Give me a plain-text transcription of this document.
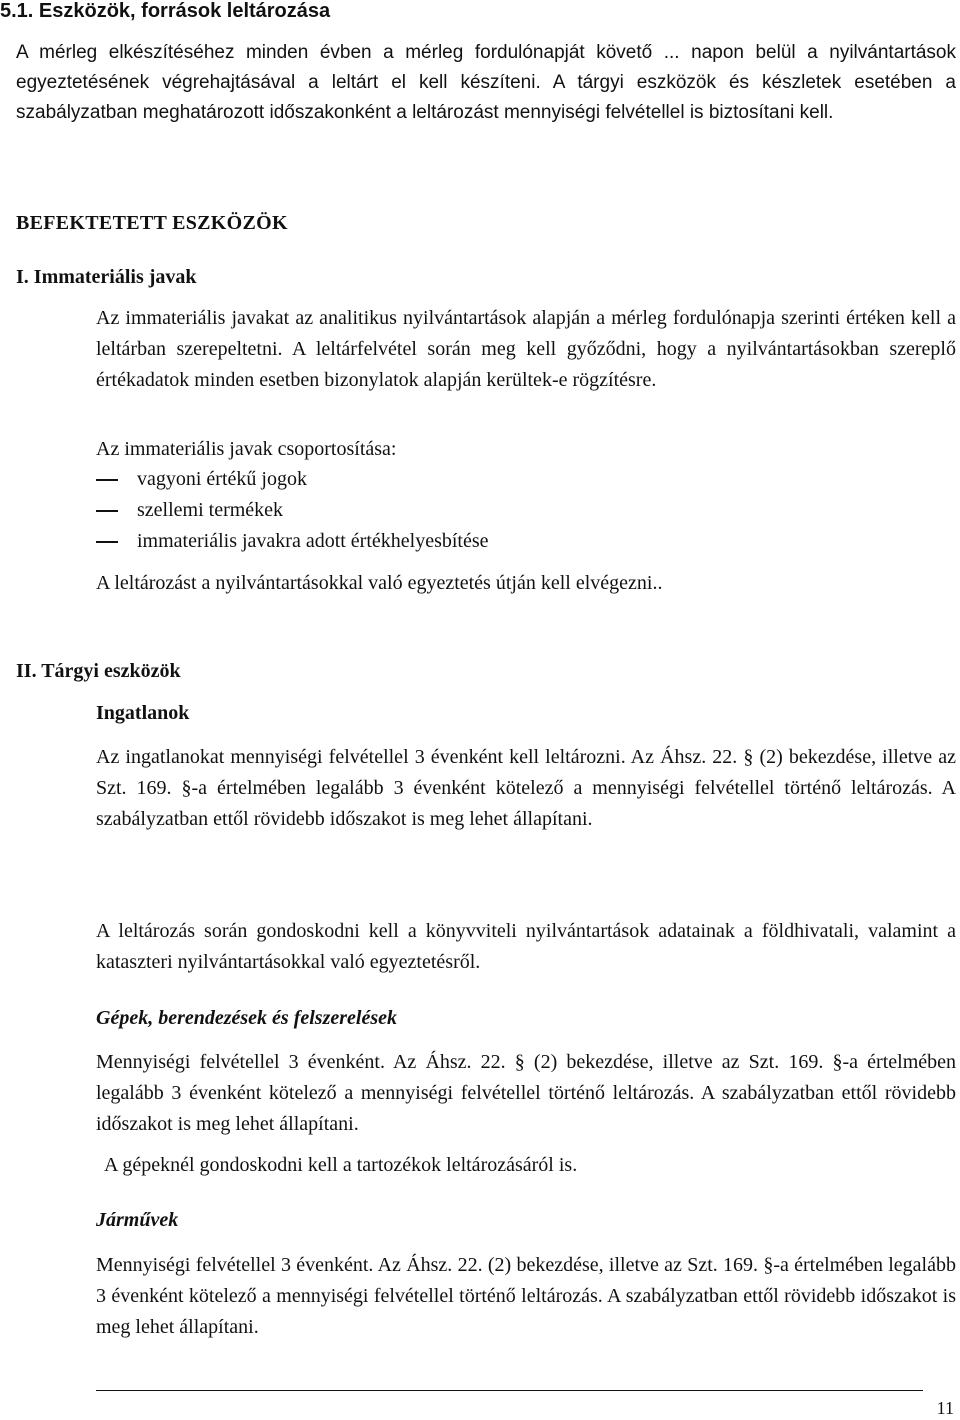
5.1. Eszközök, források leltározása
A mérleg elkészítéséhez minden évben a mérleg fordulónapját követő ... napon belül a nyilvántartások egyeztetésének végrehajtásával a leltárt el kell készíteni. A tárgyi eszközök és készletek esetében a szabályzatban meghatározott időszakonként a leltározást mennyiségi felvétellel is biztosítani kell.
BEFEKTETETT ESZKÖZÖK
I. Immateriális javak
Az immateriális javakat az analitikus nyilvántartások alapján a mérleg fordulónapja szerinti értéken kell a leltárban szerepeltetni. A leltárfelvétel során meg kell győződni, hogy a nyilvántartásokban szereplő értékadatok minden esetben bizonylatok alapján kerültek-e rögzítésre.
Az immateriális javak csoportosítása:
vagyoni értékű jogok
szellemi termékek
immateriális javakra adott értékhelyesbítése
A leltározást a nyilvántartásokkal való egyeztetés útján kell elvégezni..
II. Tárgyi eszközök
Ingatlanok
Az ingatlanokat mennyiségi felvétellel 3 évenként kell leltározni. Az Áhsz. 22. § (2) bekezdése, illetve az Szt. 169. §-a értelmében legalább 3 évenként kötelező a mennyiségi felvétellel történő leltározás. A szabályzatban ettől rövidebb időszakot is meg lehet állapítani.
A leltározás során gondoskodni kell a könyvviteli nyilvántartások adatainak a földhivatali, valamint a kataszteri nyilvántartásokkal való egyeztetésről.
Gépek, berendezések és felszerelések
Mennyiségi felvétellel 3 évenként. Az Áhsz. 22. § (2) bekezdése, illetve az Szt. 169. §-a értelmében legalább 3 évenként kötelező a mennyiségi felvétellel történő leltározás. A szabályzatban ettől rövidebb időszakot is meg lehet állapítani.
A gépeknél gondoskodni kell a tartozékok leltározásáról is.
Járművek
Mennyiségi felvétellel 3 évenként. Az Áhsz. 22. (2) bekezdése, illetve az Szt. 169. §-a értelmében legalább 3 évenként kötelező a mennyiségi felvétellel történő leltározás. A szabályzatban ettől rövidebb időszakot is meg lehet állapítani.
11
